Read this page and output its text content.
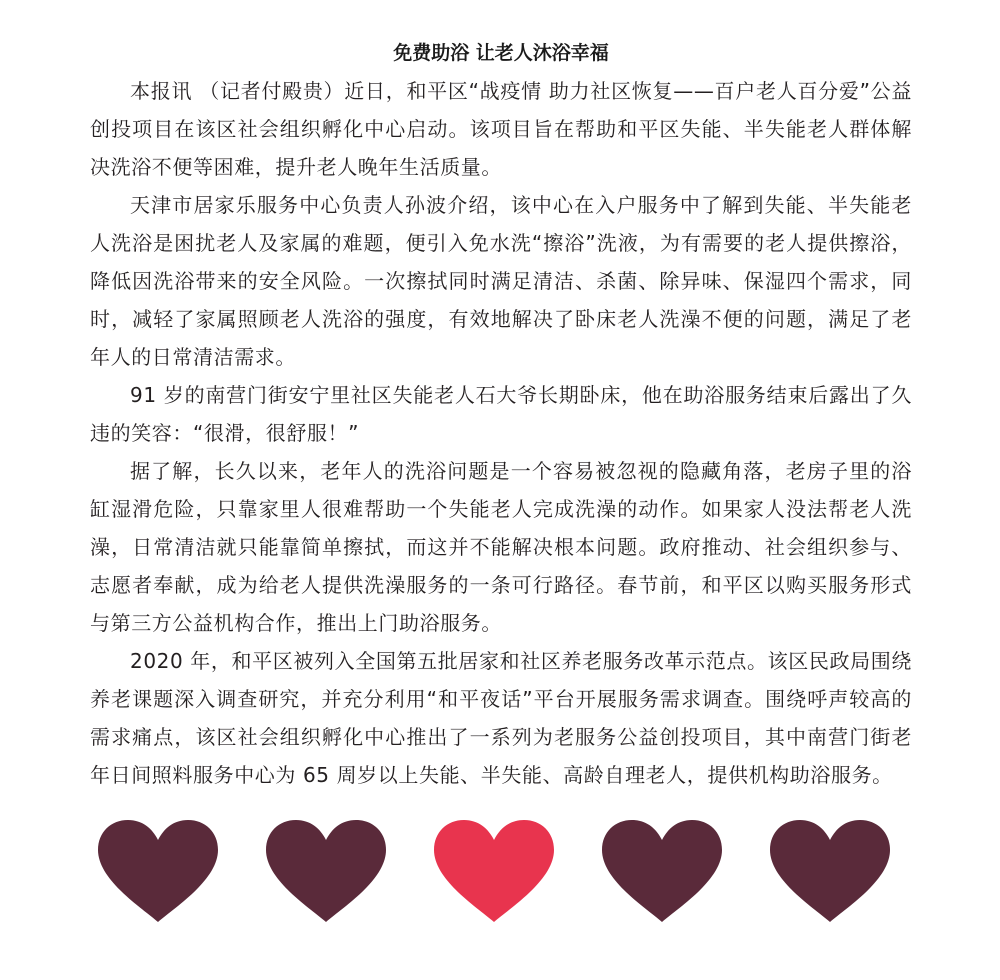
免费助浴 让老人沐浴幸福

本报讯 （记者付殿贵）近日，和平区“战疫情 助力社区恢复——百户老人百分爱”公益创投项目在该区社会组织孵化中心启动。该项目旨在帮助和平区失能、半失能老人群体解决洗浴不便等困难，提升老人晚年生活质量。

天津市居家乐服务中心负责人孙波介绍，该中心在入户服务中了解到失能、半失能老人洗浴是困扰老人及家属的难题，便引入免水洗“擦浴”洗液，为有需要的老人提供擦浴，降低因洗浴带来的安全风险。一次擦拭同时满足清洁、杀菌、除异味、保湿四个需求，同时，减轻了家属照顾老人洗浴的强度，有效地解决了卧床老人洗澡不便的问题，满足了老年人的日常清洁需求。

91 岁的南营门街安宁里社区失能老人石大爷长期卧床，他在助浴服务结束后露出了久违的笑容：“很滑，很舒服！”

据了解，长久以来，老年人的洗浴问题是一个容易被忽视的隐藏角落，老房子里的浴缸湿滑危险，只靠家里人很难帮助一个失能老人完成洗澡的动作。如果家人没法帮老人洗澡，日常清洁就只能靠简单擦拭，而这并不能解决根本问题。政府推动、社会组织参与、志愿者奉献，成为给老人提供洗澡服务的一条可行路径。春节前，和平区以购买服务形式与第三方公益机构合作，推出上门助浴服务。

2020 年，和平区被列入全国第五批居家和社区养老服务改革示范点。该区民政局围绕养老课题深入调查研究，并充分利用“和平夜话”平台开展服务需求调查。围绕呼声较高的需求痛点，该区社会组织孵化中心推出了一系列为老服务公益创投项目，其中南营门街老年日间照料服务中心为 65 周岁以上失能、半失能、高龄自理老人，提供机构助浴服务。
